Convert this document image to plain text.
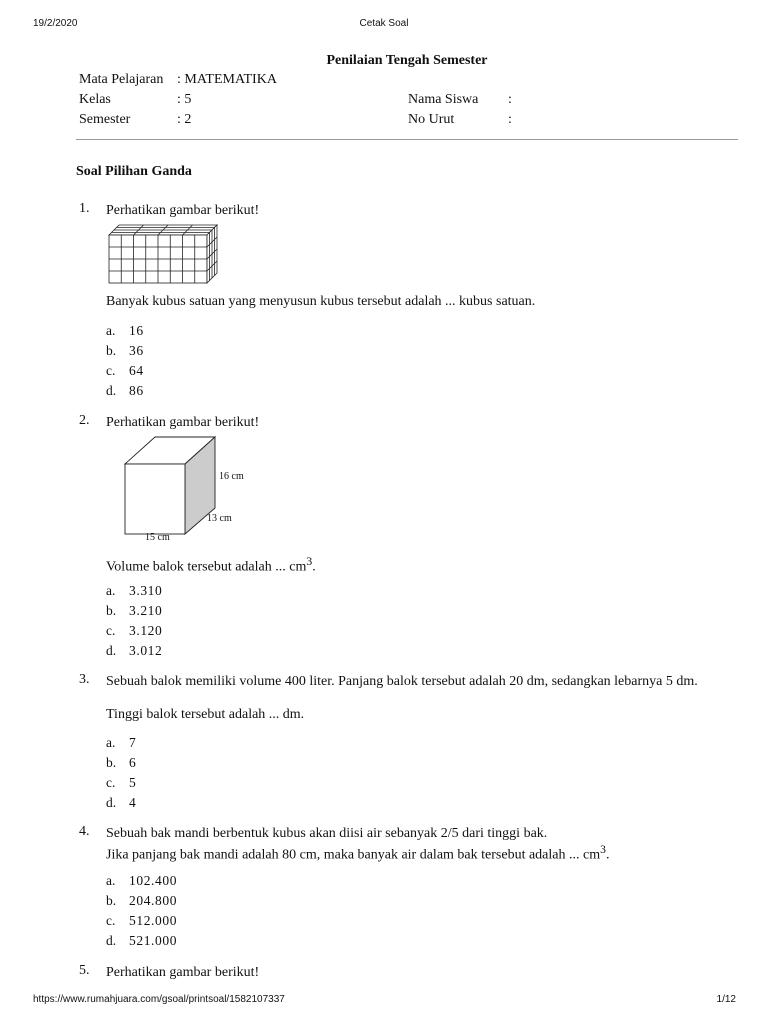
19/2/2020	Cetak Soal
Penilaian Tengah Semester
Mata Pelajaran : MATEMATIKA
Kelas	: 5
Semester	: 2
Nama Siswa :
No Urut	:
Soal Pilihan Ganda
1. Perhatikan gambar berikut!
Banyak kubus satuan yang menyusun kubus tersebut adalah ... kubus satuan.
a.	16
b. 36
c.	64
d. 86
2. Perhatikan gambar berikut!
16 cm
13 cm
15 cm
Volume balok tersebut adalah ... $cm^3$.
a.	3.310
b. 3.210
c.	3.120
d. 3.012
3. Sebuah balok memiliki volume 400 liter. Panjang balok tersebut adalah 20 dm, sedangkan lebarnya 5 dm.
Tinggi balok tersebut adalah ... dm.
a.	7
b. 6
c.	5
d. 4
4. Sebuah bak mandi berbentuk kubus akan diisi air sebanyak 2/5 dari tinggi bak.
Jika panjang bak mandi adalah 80 cm, maka banyak air dalam bak tersebut adalah ... $cm^3$.
a.	102.400
b. 204.800
c.	512.000
d. 521.000
5. Perhatikan gambar berikut!
https://www.rumahjuara.com/gsoal/printsoal/1582107337	1/12
